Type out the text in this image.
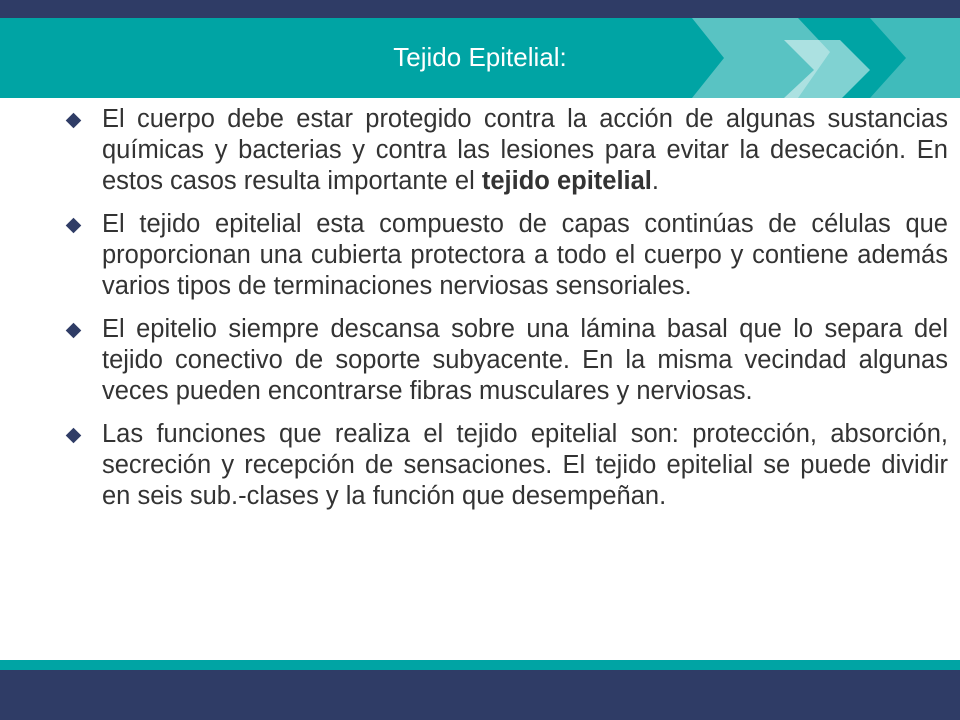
Tejido Epitelial:

El cuerpo debe estar protegido contra la acción de algunas sustancias químicas y bacterias y contra las lesiones para evitar la desecación. En estos casos resulta importante el tejido epitelial.

El tejido epitelial esta compuesto de capas continúas de células que proporcionan una cubierta protectora a todo el cuerpo y contiene además varios tipos de terminaciones nerviosas sensoriales.

El epitelio siempre descansa sobre una lámina basal que lo separa del tejido conectivo de soporte subyacente. En la misma vecindad algunas veces pueden encontrarse fibras musculares y nerviosas.

Las funciones que realiza el tejido epitelial son: protección, absorción, secreción y recepción de sensaciones. El tejido epitelial se puede dividir en seis sub.-clases y la función que desempeñan.
